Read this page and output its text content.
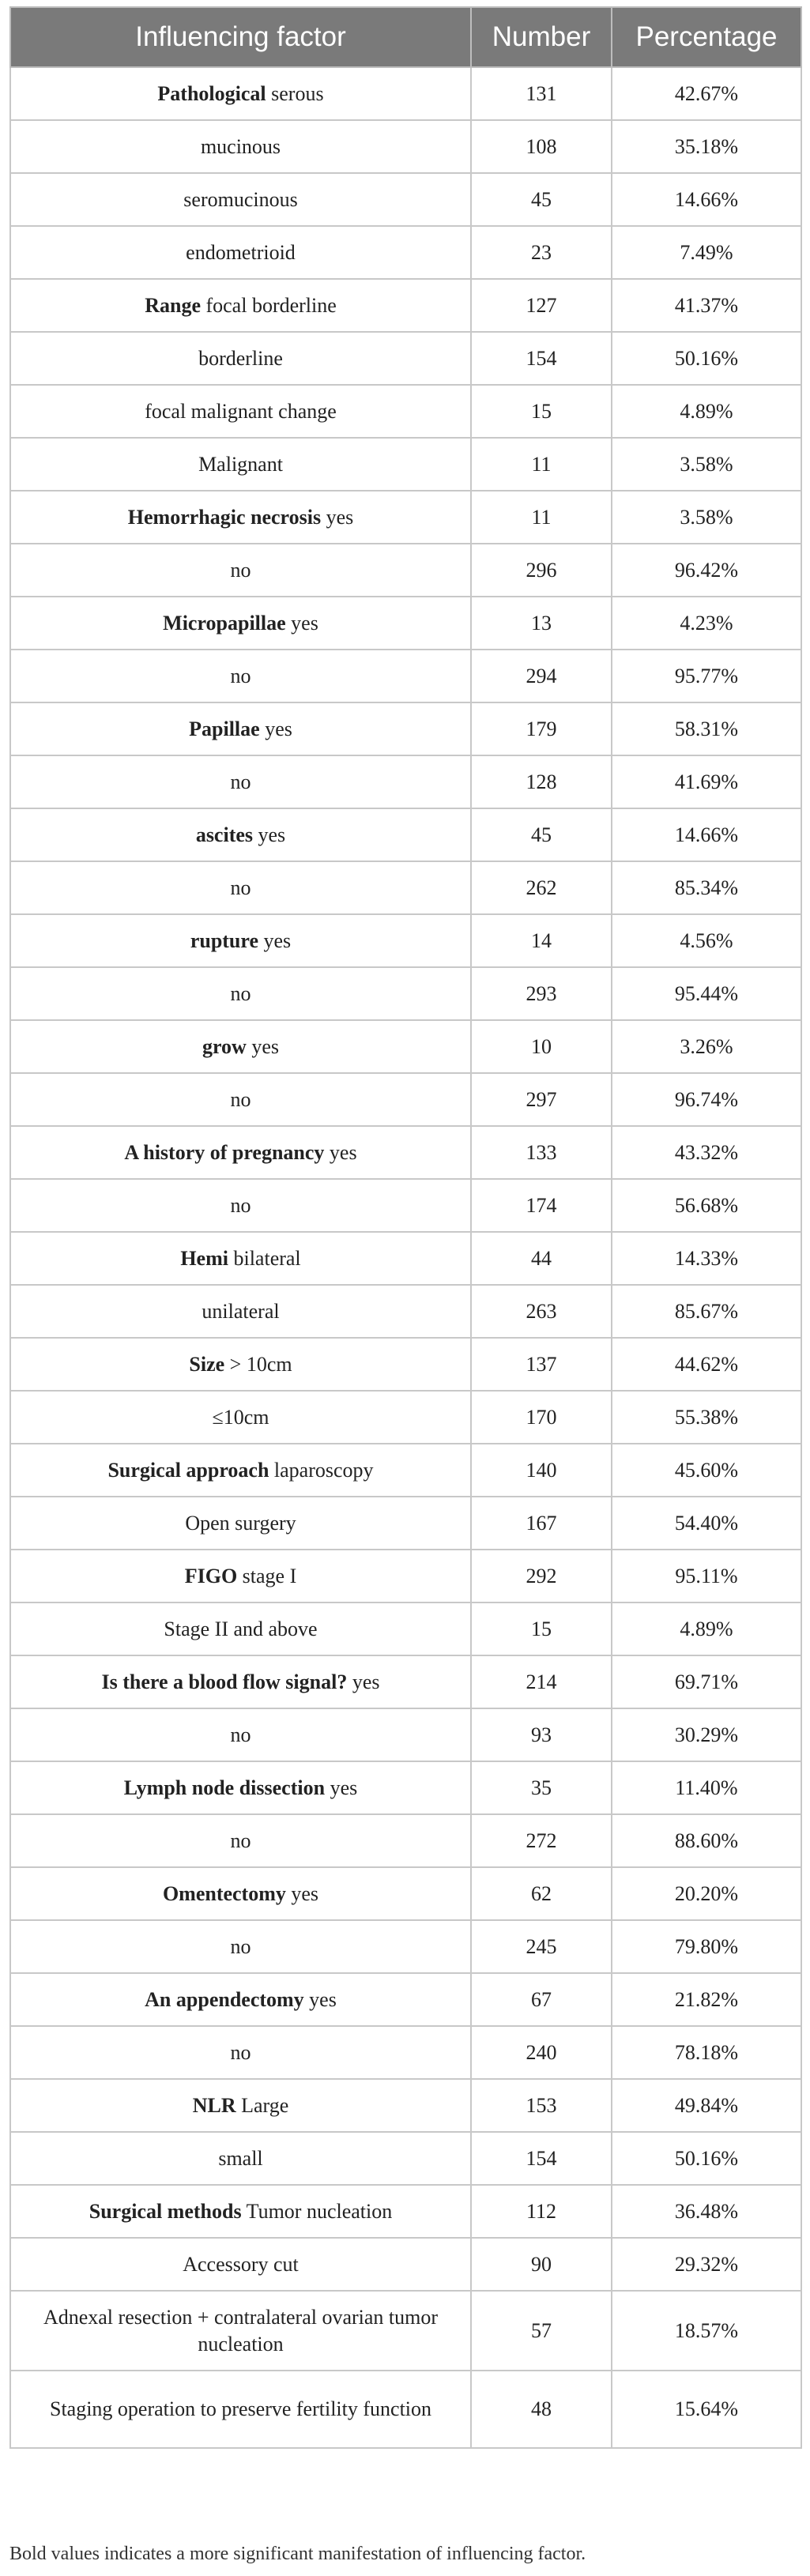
Influencing factor	Number	Percentage
Pathological serous	131	42.67%
mucinous	108	35.18%
seromucinous	45	14.66%
endometrioid	23	7.49%
Range focal borderline	127	41.37%
borderline	154	50.16%
focal malignant change	15	4.89%
Malignant	11	3.58%
Hemorrhagic necrosis yes	11	3.58%
no	296	96.42%
Micropapillae yes	13	4.23%
no	294	95.77%
Papillae yes	179	58.31%
no	128	41.69%
ascites yes	45	14.66%
no	262	85.34%
rupture yes	14	4.56%
no	293	95.44%
grow yes	10	3.26%
no	297	96.74%
A history of pregnancy yes	133	43.32%
no	174	56.68%
Hemi bilateral	44	14.33%
unilateral	263	85.67%
Size > 10cm	137	44.62%
≤10cm	170	55.38%
Surgical approach laparoscopy	140	45.60%
Open surgery	167	54.40%
FIGO stage I	292	95.11%
Stage II and above	15	4.89%
Is there a blood flow signal? yes	214	69.71%
no	93	30.29%
Lymph node dissection yes	35	11.40%
no	272	88.60%
Omentectomy yes	62	20.20%
no	245	79.80%
An appendectomy yes	67	21.82%
no	240	78.18%
NLR Large	153	49.84%
small	154	50.16%
Surgical methods Tumor nucleation	112	36.48%
Accessory cut	90	29.32%
Adnexal resection + contralateral ovarian tumor nucleation	57	18.57%
Staging operation to preserve fertility function	48	15.64%
Bold values indicates a more significant manifestation of influencing factor.
